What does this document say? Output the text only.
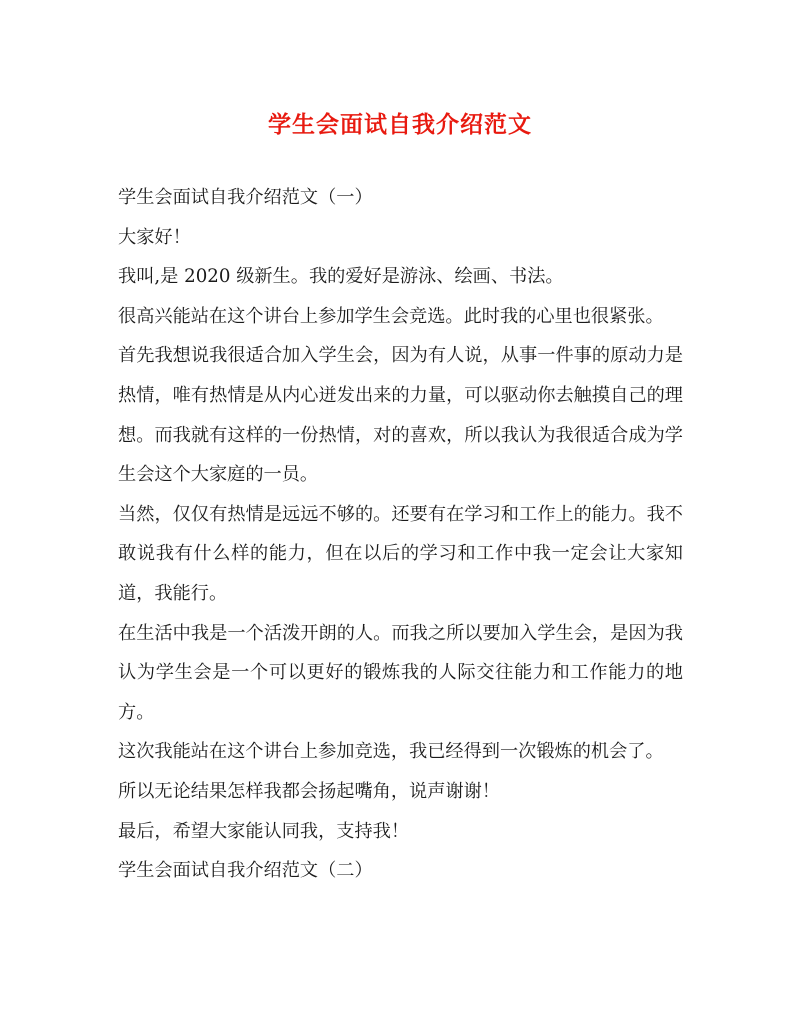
学生会面试自我介绍范文

学生会面试自我介绍范文（一）

大家好！

我叫,是 2020 级新生。我的爱好是游泳、绘画、书法。

很高兴能站在这个讲台上参加学生会竞选。此时我的心里也很紧张。

首先我想说我很适合加入学生会，因为有人说，从事一件事的原动力是热情，唯有热情是从内心迸发出来的力量，可以驱动你去触摸自己的理想。而我就有这样的一份热情，对的喜欢，所以我认为我很适合成为学生会这个大家庭的一员。

当然，仅仅有热情是远远不够的。还要有在学习和工作上的能力。我不敢说我有什么样的能力，但在以后的学习和工作中我一定会让大家知道，我能行。

在生活中我是一个活泼开朗的人。而我之所以要加入学生会，是因为我认为学生会是一个可以更好的锻炼我的人际交往能力和工作能力的地方。

这次我能站在这个讲台上参加竞选，我已经得到一次锻炼的机会了。

所以无论结果怎样我都会扬起嘴角，说声谢谢！

最后，希望大家能认同我，支持我！

学生会面试自我介绍范文（二）
